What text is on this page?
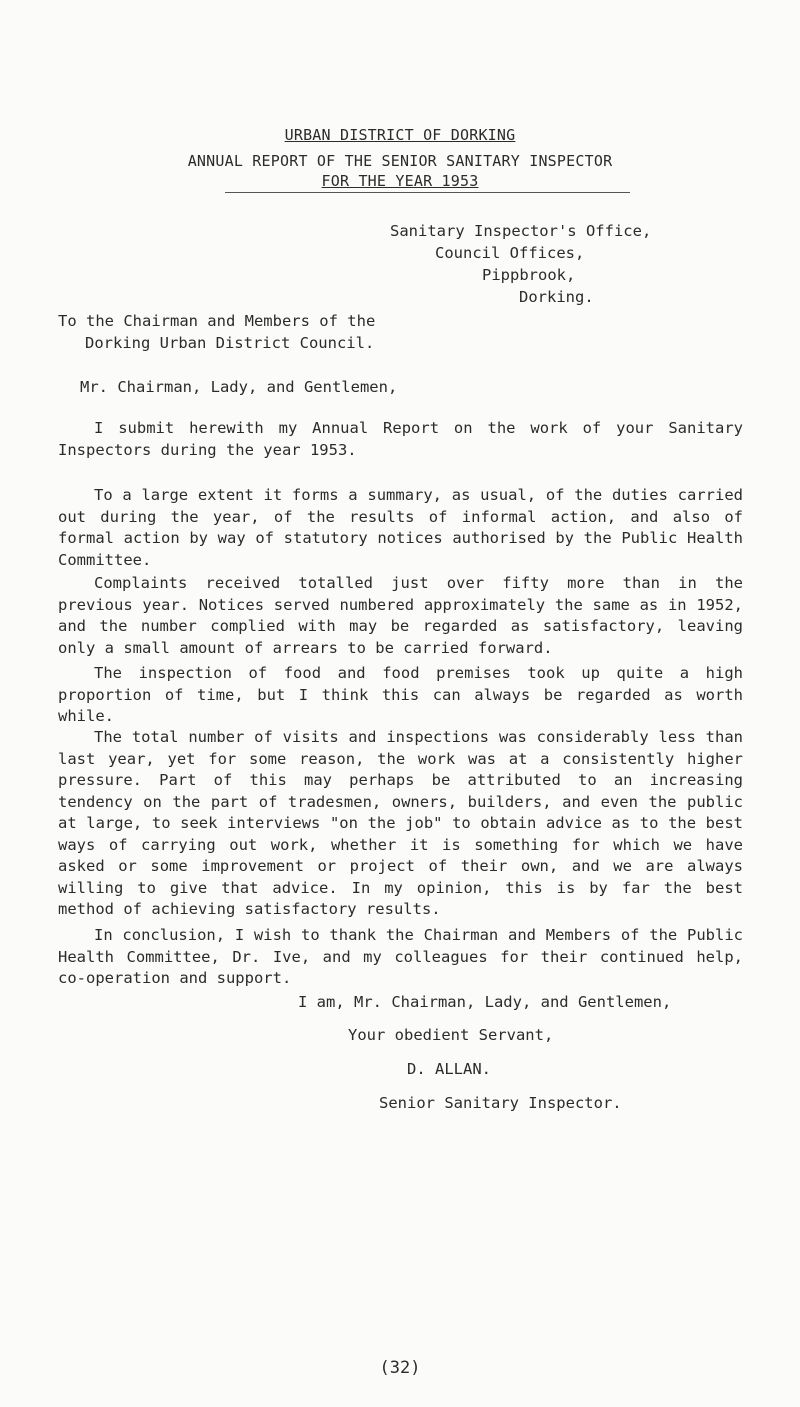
URBAN DISTRICT OF DORKING
ANNUAL REPORT OF THE SENIOR SANITARY INSPECTOR
FOR THE YEAR 1953
Sanitary Inspector's Office,
Council Offices,
Pippbrook,
Dorking.
To the Chairman and Members of the
Dorking Urban District Council.
Mr. Chairman, Lady, and Gentlemen,

I submit herewith my Annual Report on the work of your Sanitary Inspectors during the year 1953.

To a large extent it forms a summary, as usual, of the duties carried out during the year, of the results of informal action, and also of formal action by way of statutory notices authorised by the Public Health Committee.

Complaints received totalled just over fifty more than in the previous year. Notices served numbered approximately the same as in 1952, and the number complied with may be regarded as satisfactory, leaving only a small amount of arrears to be carried forward.

The inspection of food and food premises took up quite a high proportion of time, but I think this can always be regarded as worth while.

The total number of visits and inspections was considerably less than last year, yet for some reason, the work was at a consistently higher pressure. Part of this may perhaps be attributed to an increasing tendency on the part of tradesmen, owners, builders, and even the public at large, to seek interviews "on the job" to obtain advice as to the best ways of carrying out work, whether it is something for which we have asked or some improvement or project of their own, and we are always willing to give that advice. In my opinion, this is by far the best method of achieving satisfactory results.

In conclusion, I wish to thank the Chairman and Members of the Public Health Committee, Dr. Ive, and my colleagues for their continued help, co-operation and support.

I am, Mr. Chairman, Lady, and Gentlemen,
Your obedient Servant,
D. ALLAN.
Senior Sanitary Inspector.
(32)
